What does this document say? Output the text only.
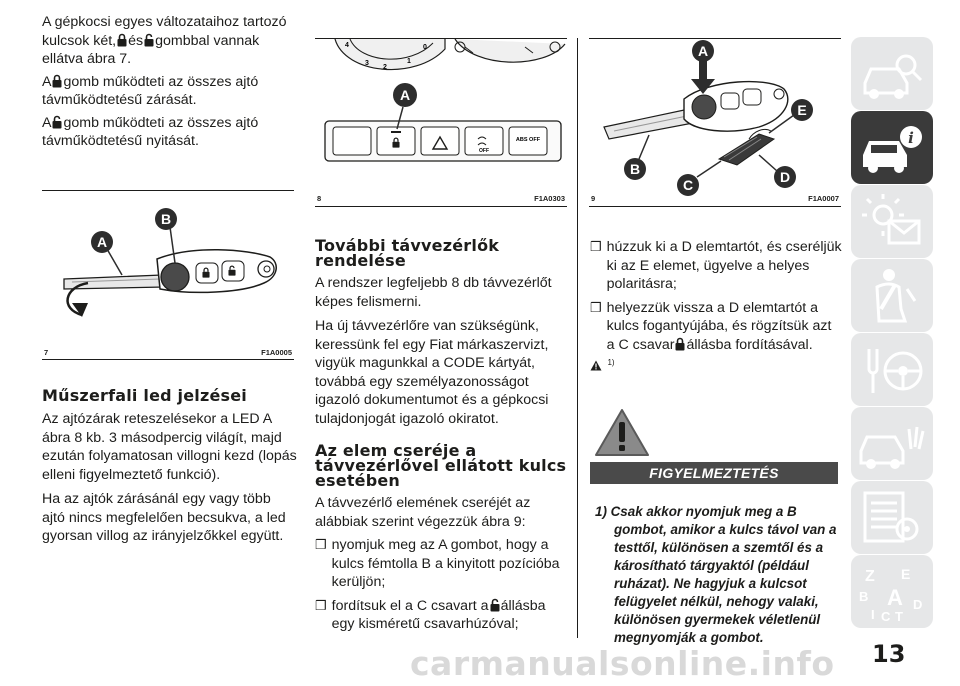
A gépkocsi egyes változataihoz tartozó kulcsok két, és gombbal vannak ellátva ábra 7.

A gomb működteti az összes ajtó távműködtetésű zárását.

A gomb működteti az összes ajtó távműködtetésű nyitását.

A
B
7	F1A0005
Műszerfali led jelzései

Az ajtózárak reteszelésekor a LED A ábra 8 kb. 3 másodpercig világít, majd ezután folyamatosan villogni kezd (lopás elleni figyelmeztető funkció).

Ha az ajtók zárásánál egy vagy több ajtó nincs megfelelően becsukva, a led gyorsan villog az irányjelzőkkel együtt.

4	0
3
2
1
OFF
ABS OFF
A
8	F1A0303
További távvezérlők rendelése

A rendszer legfeljebb 8 db távvezérlőt képes felismerni.

Ha új távvezérlőre van szükségünk, keressünk fel egy Fiat márkaszervizt, vigyük magunkkal a CODE kártyát, továbbá egy személyazonosságot igazoló dokumentumot és a gépkocsi tulajdonjogát igazoló okiratot.

Az elem cseréje a távvezérlővel ellátott kulcs esetében

A távvezérlő elemének cseréjét az alábbiak szerint végezzük ábra 9:

❒ nyomjuk meg az A gombot, hogy a kulcs fémtolla B a kinyitott pozícióba kerüljön;
❒ fordítsuk el a C csavart a állásba egy kisméretű csavarhúzóval;
A
E
B
C	D
9	F1A0007
❒ húzzuk ki a D elemtartót, és cseréljük ki az E elemet, ügyelve a helyes polaritásra;
❒ helyezzük vissza a D elemtartót a kulcs fogantyújába, és rögzítsük azt a C csavar állásba fordításával.
$^{1)}$
FIGYELMEZTETÉS
1) Csak akkor nyomjuk meg a B gombot, amikor a kulcs távol van a testtől, különösen a szemtől és a károsítható tárgyaktól (például ruházat). Ne hagyjuk a kulcsot felügyelet nélkül, nehogy valaki, különösen gyermekek véletlenül megnyomják a gombot.
i
Z E
B A
I C T
D
13
carmanualsonline.info
